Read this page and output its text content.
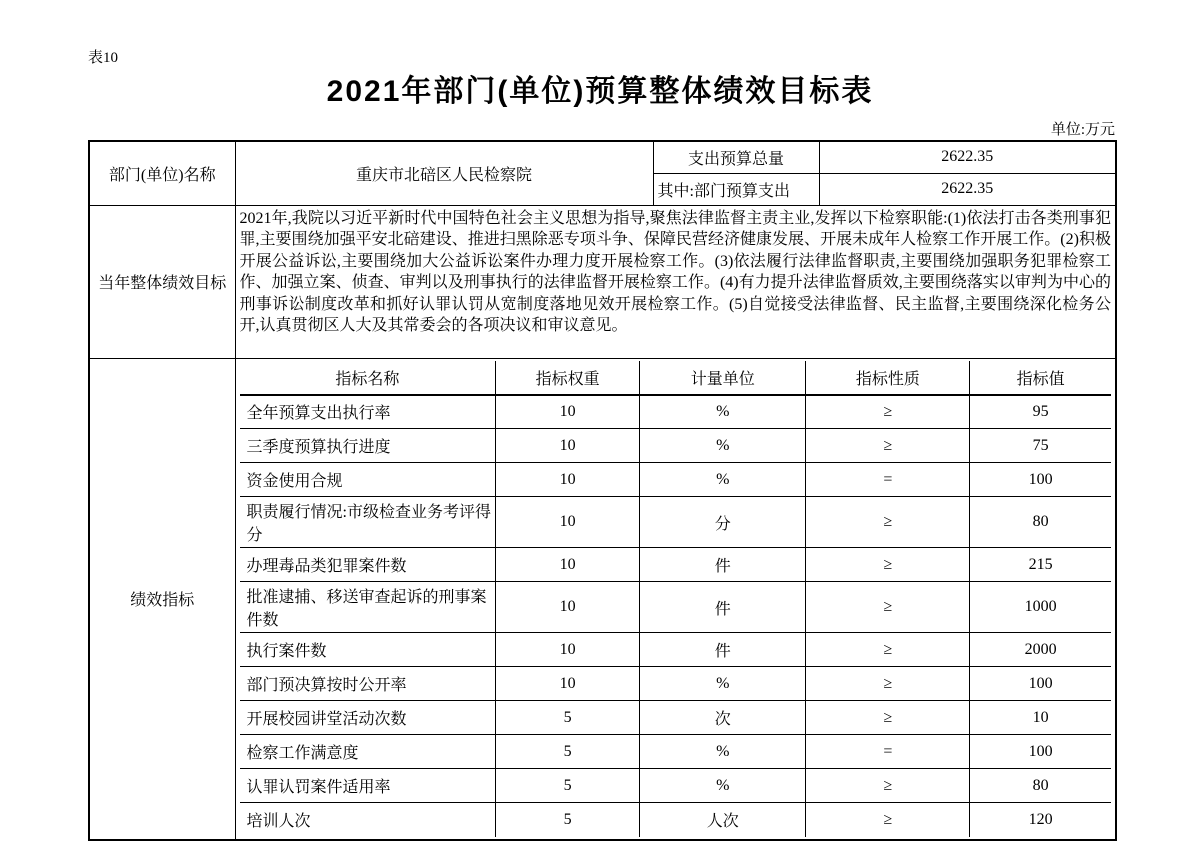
表10
2021年部门(单位)预算整体绩效目标表
单位:万元
部门(单位)名称	重庆市北碚区人民检察院	支出预算总量	2622.35
其中:部门预算支出	2622.35
当年整体绩效目标	2021年,我院以习近平新时代中国特色社会主义思想为指导,聚焦法律监督主责主业,发挥以下检察职能:(1)依法打击各类刑事犯罪,主要围绕加强平安北碚建设、推进扫黑除恶专项斗争、保障民营经济健康发展、开展未成年人检察工作开展工作。(2)积极开展公益诉讼,主要围绕加大公益诉讼案件办理力度开展检察工作。(3)依法履行法律监督职责,主要围绕加强职务犯罪检察工作、加强立案、侦查、审判以及刑事执行的法律监督开展检察工作。(4)有力提升法律监督质效,主要围绕落实以审判为中心的刑事诉讼制度改革和抓好认罪认罚从宽制度落地见效开展检察工作。(5)自觉接受法律监督、民主监督,主要围绕深化检务公开,认真贯彻区人大及其常委会的各项决议和审议意见。
绩效指标	
指标名称	指标权重	计量单位	指标性质	指标值
全年预算支出执行率	10	%	≥	95
三季度预算执行进度	10	%	≥	75
资金使用合规	10	%	=	100
职责履行情况:市级检查业务考评得分	10	分	≥	80
办理毒品类犯罪案件数	10	件	≥	215
批准逮捕、移送审查起诉的刑事案件数	10	件	≥	1000
执行案件数	10	件	≥	2000
部门预决算按时公开率	10	%	≥	100
开展校园讲堂活动次数	5	次	≥	10
检察工作满意度	5	%	=	100
认罪认罚案件适用率	5	%	≥	80
培训人次	5	人次	≥	120
